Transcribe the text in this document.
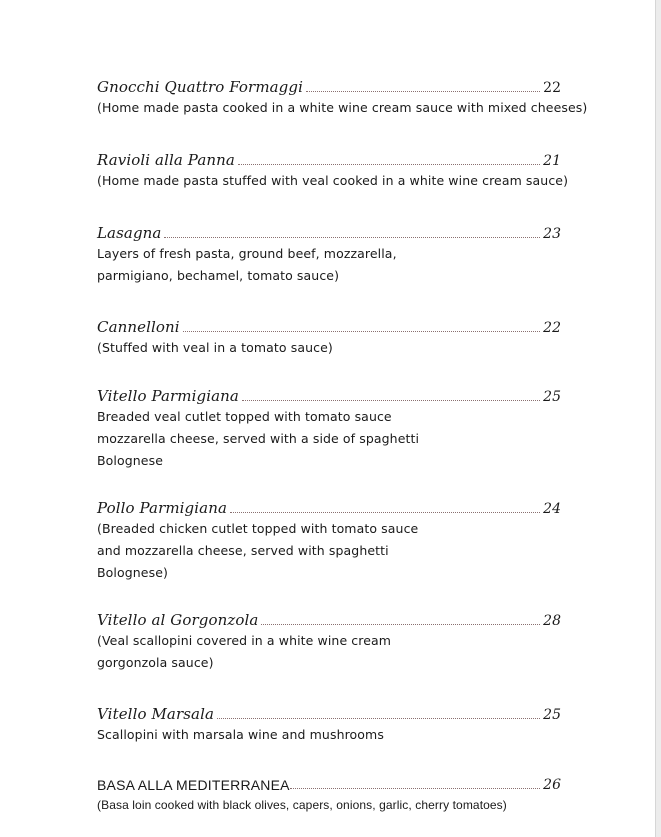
Gnocchi Quattro Formaggi	22
(Home made pasta cooked in a white wine cream sauce with mixed cheeses)
Ravioli alla Panna	21
(Home made pasta stuffed with veal cooked in a white wine cream sauce)
Lasagna	23
Layers of fresh pasta, ground beef, mozzarella,
parmigiano, bechamel, tomato sauce)
Cannelloni	22
(Stuffed with veal in a tomato sauce)
Vitello Parmigiana	25
Breaded veal cutlet topped with tomato sauce
mozzarella cheese, served with a side of spaghetti
Bolognese
Pollo Parmigiana	24
(Breaded chicken cutlet topped with tomato sauce
and mozzarella cheese, served with spaghetti
Bolognese)
Vitello al Gorgonzola	28
(Veal scallopini covered in a white wine cream
gorgonzola sauce)
Vitello Marsala	25
Scallopini with marsala wine and mushrooms
BASA ALLA MEDITERRANEA	26
(Basa loin cooked with black olives, capers, onions, garlic, cherry tomatoes)
